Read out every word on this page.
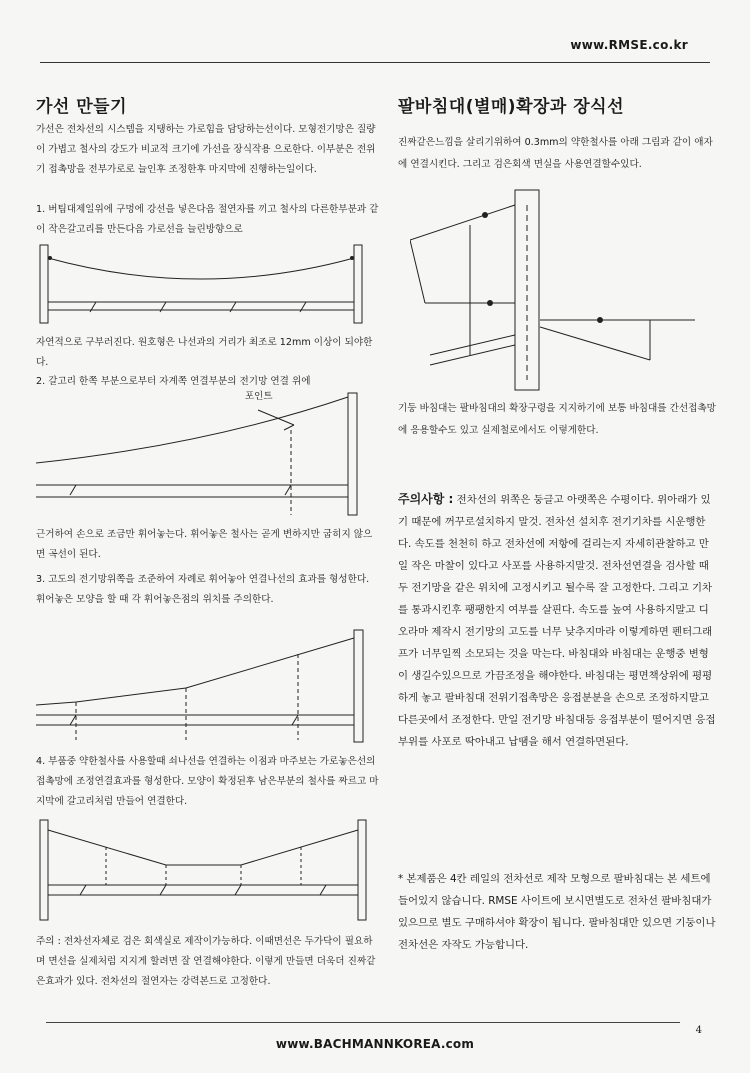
www.RMSE.co.kr
가선 만들기
가선은 전차선의 시스템을 지탱하는 가로힘을 담당하는선이다. 모형전기망은 질량이 가볍고 철사의 강도가 비교적 크기에 가선을 장식작용 으로한다. 이부분은 전위기 접촉망을 전부가로로 늘인후 조정한후 마지막에 진행하는일이다.
1. 버팀대제일위에 구멍에 강선을 넣은다음 절연자를 끼고 철사의 다른한부분과 같이 작은갈고리를 만든다음 가로선을 늘린방향으로
자연적으로 구부러진다. 원호형은 나선과의 거리가 최조로 12mm 이상이 되야한다.
2. 갈고리 한쪽 부분으로부터 자계쪽 연결부분의 전기망 연결 위에
포인트
근거하여 손으로 조금만 휘어놓는다. 휘어놓은 철사는 곧게 변하지만 굽히지 않으면 곡선이 된다.
3. 고도의 전기망위쪽을 조준하여 자례로 휘어놓아 연결나선의 효과를 형성한다. 휘어놓은 모양을 할 때 각 휘어놓은점의 위치를 주의한다.
4. 부품중 약한철사를 사용할때 쇠나선을 연결하는 이점과 마주보는 가로놓은선의 접촉망에 조정연결효과를 형성한다. 모양이 확정된후 남은부분의 철사를 짜르고 마지막에 갈고리처럼 만들어 연결한다.
주의 : 전차선자체로 검은 회색실로 제작이가능하다. 이때면선은 두가닥이 필요하며 면선을 실제처럼 지지게 할려면 잘 연결해야한다. 이렇게 만들면 더욱더 진짜같은효과가 있다. 전차선의 절연자는 강력본드로 고정한다.
팔바침대(별매)확장과 장식선
진짜같은느낌을 살리기위하여 0.3mm의 약한철사를 아래 그림과 같이 애자에 연결시킨다. 그리고 검은회색 면실을 사용연결할수있다.
기둥 바침대는 팔바침대의 확장구령을 지지하기에 보통 바침대를 간선접촉망에 응용할수도 있고 실제철로에서도 이렇게한다.
주의사항 : 전차선의 위쪽은 둥글고 아랫쪽은 수평이다. 위아래가 있기 때문에 꺼꾸로설치하지 말것. 전차선 설치후 전기기차를 시운행한다. 속도를 천천히 하고 전차선에 저항에 걸리는지 자세히관찰하고 만일 작은 마찰이 있다고 사포를 사용하지말것. 전차선연결을 검사할 때 두 전기망을 같은 위치에 고정시키고 될수록 잘 고정한다. 그리고 기차를 통과시킨후 팽팽한지 여부를 살핀다. 속도를 높여 사용하지말고 디오라마 제작시 전기망의 고도를 너무 낮추지마라 이렇게하면 펜터그래프가 너무일찍 소모되는 것을 막는다. 바침대와 바침대는 운행중 변형이 생길수있으므로 가끔조정을 해야한다. 바침대는 평면책상위에 평평하게 놓고 팔바침대 전위기접촉망은 응접분분을 손으로 조정하지말고 다른곳에서 조정한다. 만일 전기망 바침대등 응접부분이 떨어지면 응접부위를 사포로 딱아내고 납땜을 해서 연결하면된다.
* 본제품은 4칸 레일의 전차선로 제작 모형으로 팔바침대는 본 세트에 들어있지 않습니다. RMSE 사이트에 보시면별도로 전차선 팔바침대가 있으므로 별도 구매하셔야 확장이 됩니다. 팔바침대만 있으면 기둥이나 전차선은 자작도 가능합니다.
4
www.BACHMANNKOREA.com
